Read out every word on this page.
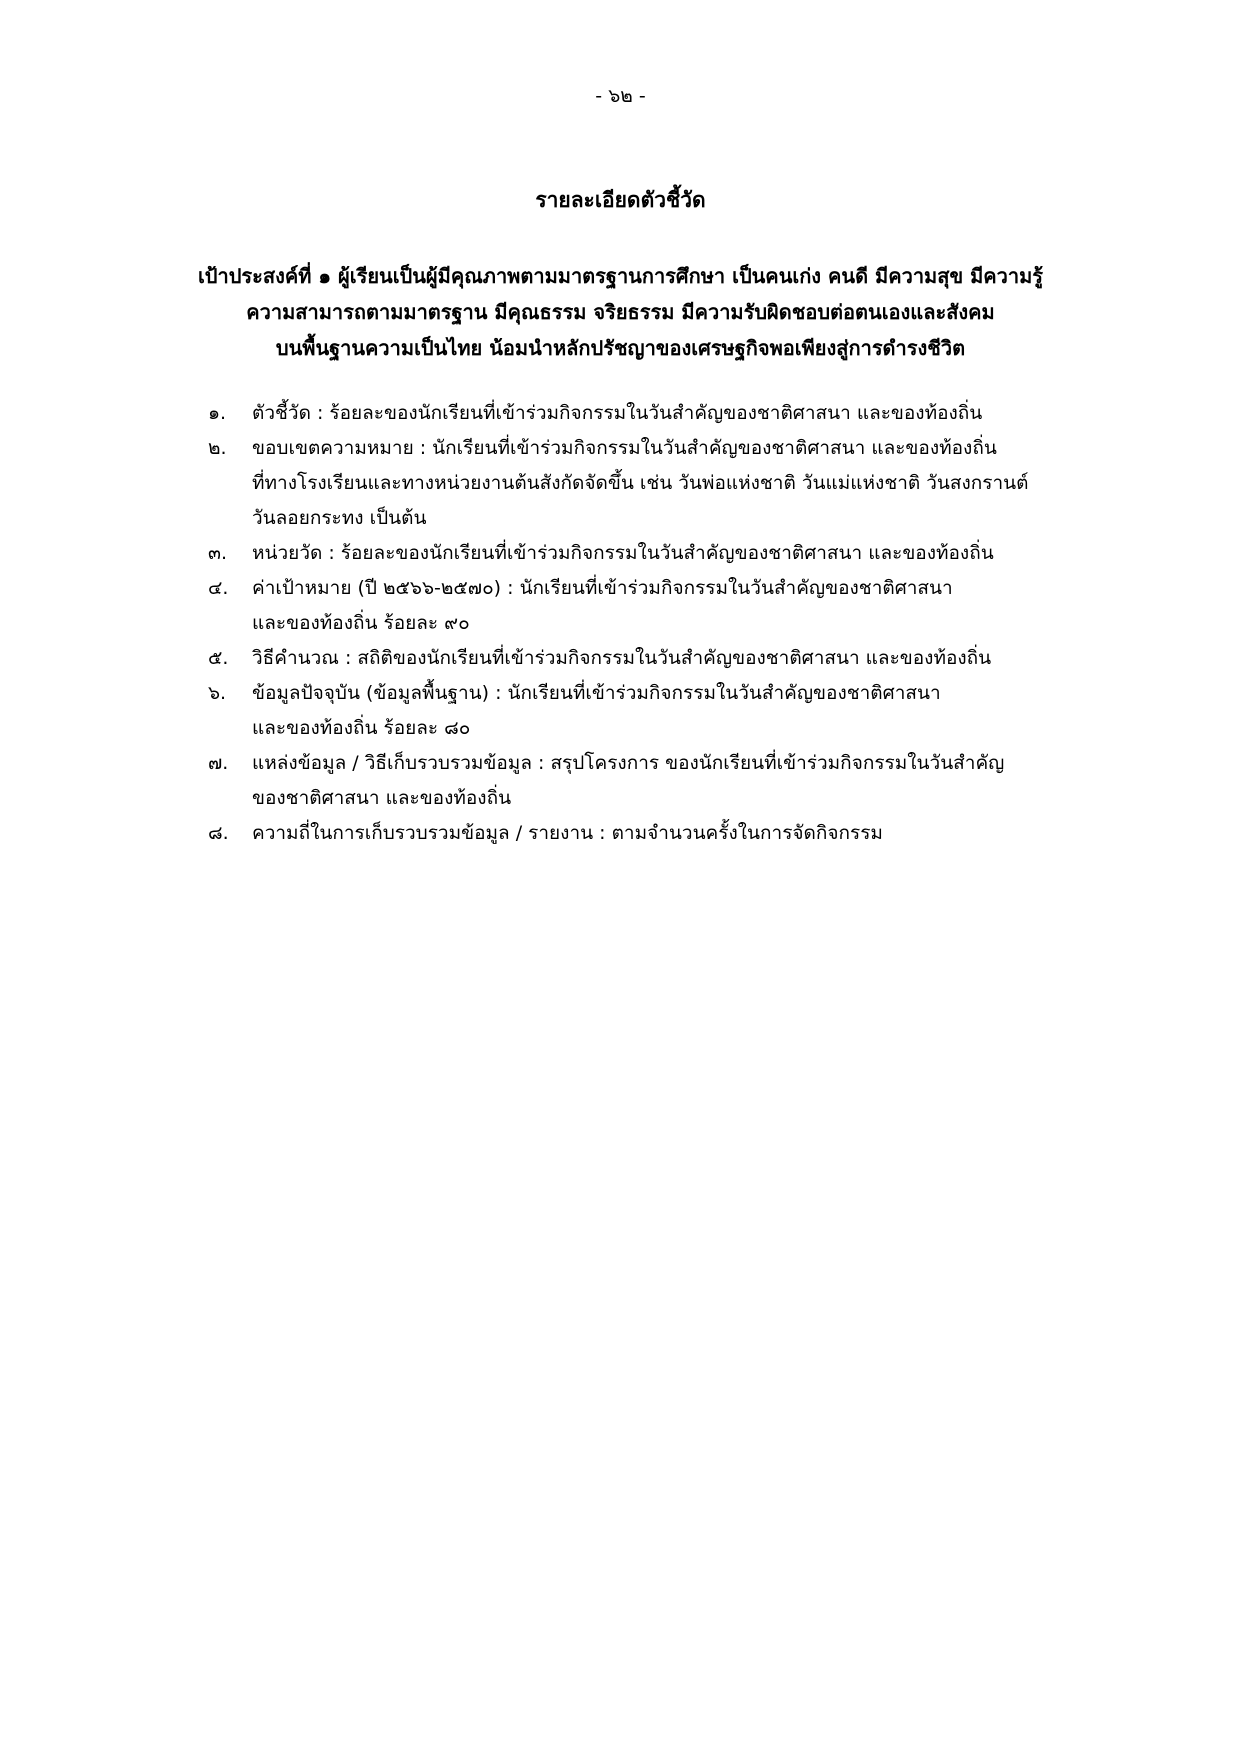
- ๖๒ -
รายละเอียดตัวชี้วัด
เป้าประสงค์ที่ ๑ ผู้เรียนเป็นผู้มีคุณภาพตามมาตรฐานการศึกษา เป็นคนเก่ง คนดี มีความสุข มีความรู้
ความสามารถตามมาตรฐาน มีคุณธรรม จริยธรรม มีความรับผิดชอบต่อตนเองและสังคม
บนพื้นฐานความเป็นไทย น้อมนำหลักปรัชญาของเศรษฐกิจพอเพียงสู่การดำรงชีวิต
๑.	ตัวชี้วัด : ร้อยละของนักเรียนที่เข้าร่วมกิจกรรมในวันสำคัญของชาติศาสนา และของท้องถิ่น
๒.	ขอบเขตความหมาย : นักเรียนที่เข้าร่วมกิจกรรมในวันสำคัญของชาติศาสนา และของท้องถิ่น
ที่ทางโรงเรียนและทางหน่วยงานต้นสังกัดจัดขึ้น เช่น วันพ่อแห่งชาติ วันแม่แห่งชาติ วันสงกรานต์
วันลอยกระทง เป็นต้น
๓.	หน่วยวัด : ร้อยละของนักเรียนที่เข้าร่วมกิจกรรมในวันสำคัญของชาติศาสนา และของท้องถิ่น
๔.	ค่าเป้าหมาย (ปี ๒๕๖๖-๒๕๗๐) : นักเรียนที่เข้าร่วมกิจกรรมในวันสำคัญของชาติศาสนา
และของท้องถิ่น ร้อยละ ๙๐
๕.	วิธีคำนวณ : สถิติของนักเรียนที่เข้าร่วมกิจกรรมในวันสำคัญของชาติศาสนา และของท้องถิ่น
๖.	ข้อมูลปัจจุบัน (ข้อมูลพื้นฐาน) : นักเรียนที่เข้าร่วมกิจกรรมในวันสำคัญของชาติศาสนา
และของท้องถิ่น ร้อยละ ๘๐
๗.	แหล่งข้อมูล / วิธีเก็บรวบรวมข้อมูล : สรุปโครงการ ของนักเรียนที่เข้าร่วมกิจกรรมในวันสำคัญ
ของชาติศาสนา และของท้องถิ่น
๘.	ความถี่ในการเก็บรวบรวมข้อมูล / รายงาน : ตามจำนวนครั้งในการจัดกิจกรรม
